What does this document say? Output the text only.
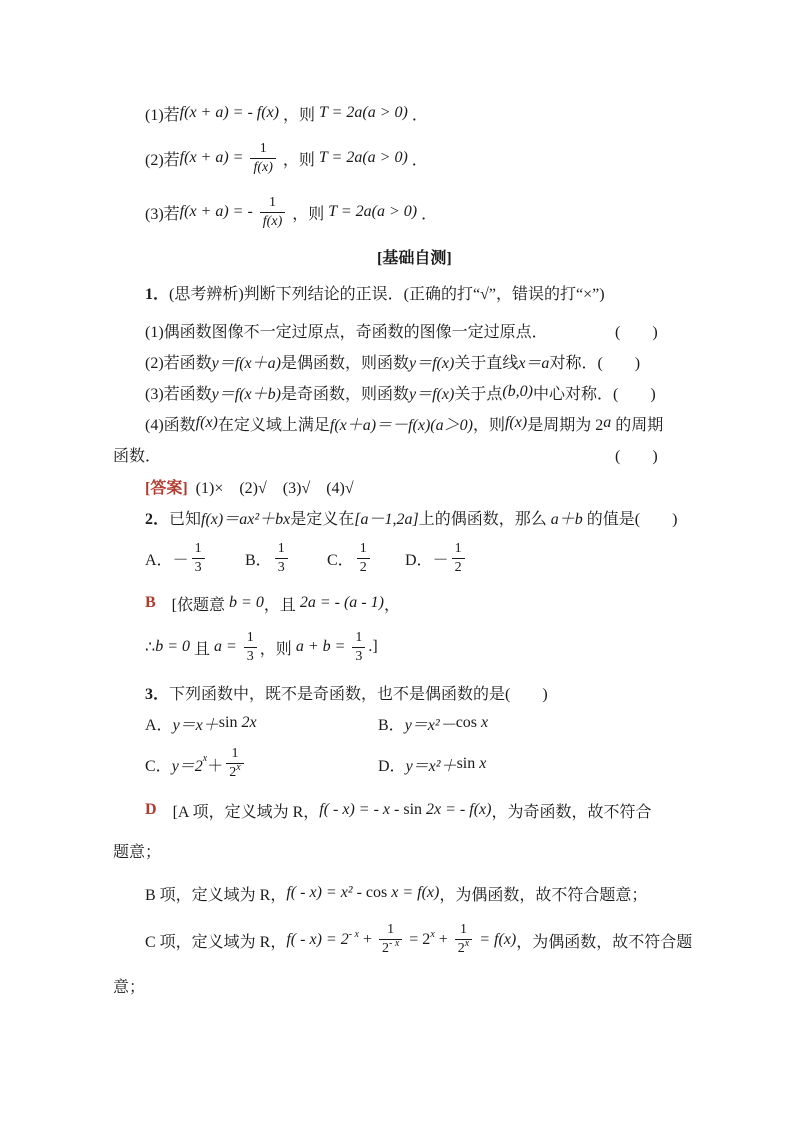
(1)若 f(x + a) = - f(x) ，则 T = 2a(a > 0) ．
(2)若 $f(x + a) = \frac{1}{f(x)}$ ，则 T = 2a(a > 0) ．
(3)若 f(x + a) = - $\frac{1}{f(x)}$ ，则 T = 2a(a > 0) ．
[基础自测]
1． (思考辨析)判断下列结论的正误．(正确的打“√”，错误的打“×”)
(1)偶函数图像不一定过原点，奇函数的图像一定过原点．	(　　)
(2)若函数 y＝f(x＋a) 是偶函数，则函数 y＝f(x) 关于直线 x＝a 对称． (　　)
(3)若函数 y＝f(x＋b) 是奇函数，则函数 y＝f(x) 关于点 (b,0) 中心对称． (　　)
(4)函数 f(x) 在定义域上满足 f(x＋a)＝－f(x)(a＞0) ，则 f(x) 是周期为 2 a 的周期
函数．	(　　)
[答案] (1)×　(2)√　(3)√　(4)√
2． 已知 f(x)＝ax²＋bx 是定义在 [a－1,2a] 上的偶函数，那么 a＋b 的值是(　　)
A． － $\frac{1}{3}$	B． $\frac{1}{3}$ C． $\frac{1}{2}$ D． － $\frac{1}{2}$
B 　[依题意 b = 0 ，且 2a = - (a - 1) ，
∴ b = 0 且 $a = \frac{1}{3}$ ，则 $a + b = \frac{1}{3}$ .]
3． 下列函数中，既不是奇函数，也不是偶函数的是(　　)
A． y＝x＋ sin 2x	B． y＝x²－ cos x
C． y＝2 $x + \frac{1}{2^x}$	D． y＝x²＋ sin x
D 　[A 项，定义域为 R， f( - x) = - x - sin 2x = - f(x) ，为奇函数，故不符合
题意；
B 项，定义域为 R， f( - x) = x² - cos x = f(x) ，为偶函数，故不符合题意；
C 项，定义域为 R， $f( - x) = 2 - x + \frac{1}{2^{- x}} = 2$ $x + \frac{1}{2^x} = f(x)$ ，为偶函数，故不符合题
意；
